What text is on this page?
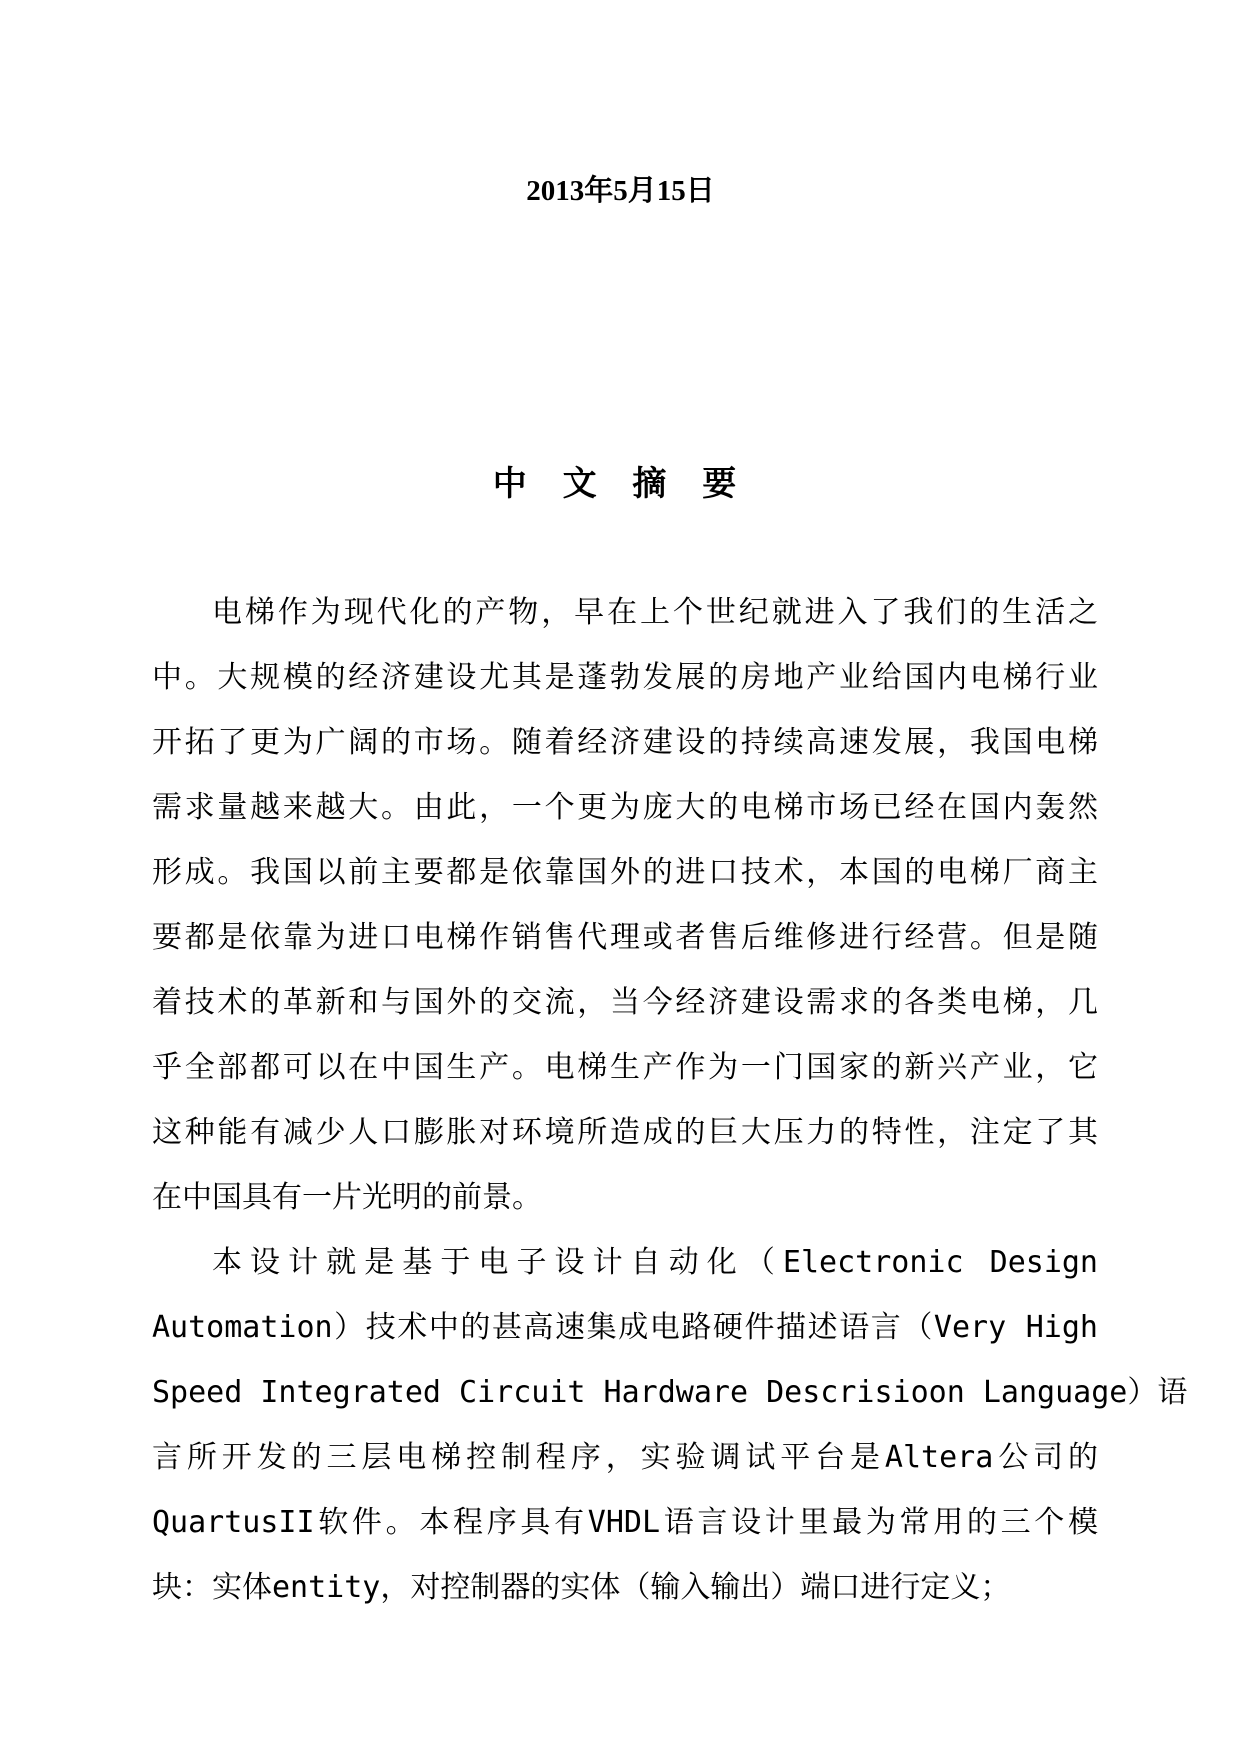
2013年5月15日
中 文 摘 要
电梯作为现代化的产物，早在上个世纪就进入了我们的生活之
中。大规模的经济建设尤其是蓬勃发展的房地产业给国内电梯行业
开拓了更为广阔的市场。随着经济建设的持续高速发展，我国电梯
需求量越来越大。由此，一个更为庞大的电梯市场已经在国内轰然
形成。我国以前主要都是依靠国外的进口技术，本国的电梯厂商主
要都是依靠为进口电梯作销售代理或者售后维修进行经营。但是随
着技术的革新和与国外的交流，当今经济建设需求的各类电梯，几
乎全部都可以在中国生产。电梯生产作为一门国家的新兴产业，它
这种能有减少人口膨胀对环境所造成的巨大压力的特性，注定了其
在中国具有一片光明的前景。
本设计就是基于电子设计自动化（Electronic Design
Automation）技术中的甚高速集成电路硬件描述语言（Very High
Speed Integrated Circuit Hardware Descrisioon Language）语
言所开发的三层电梯控制程序，实验调试平台是Altera公司的
QuartusII软件。本程序具有VHDL语言设计里最为常用的三个模
块：实体entity，对控制器的实体（输入输出）端口进行定义；
